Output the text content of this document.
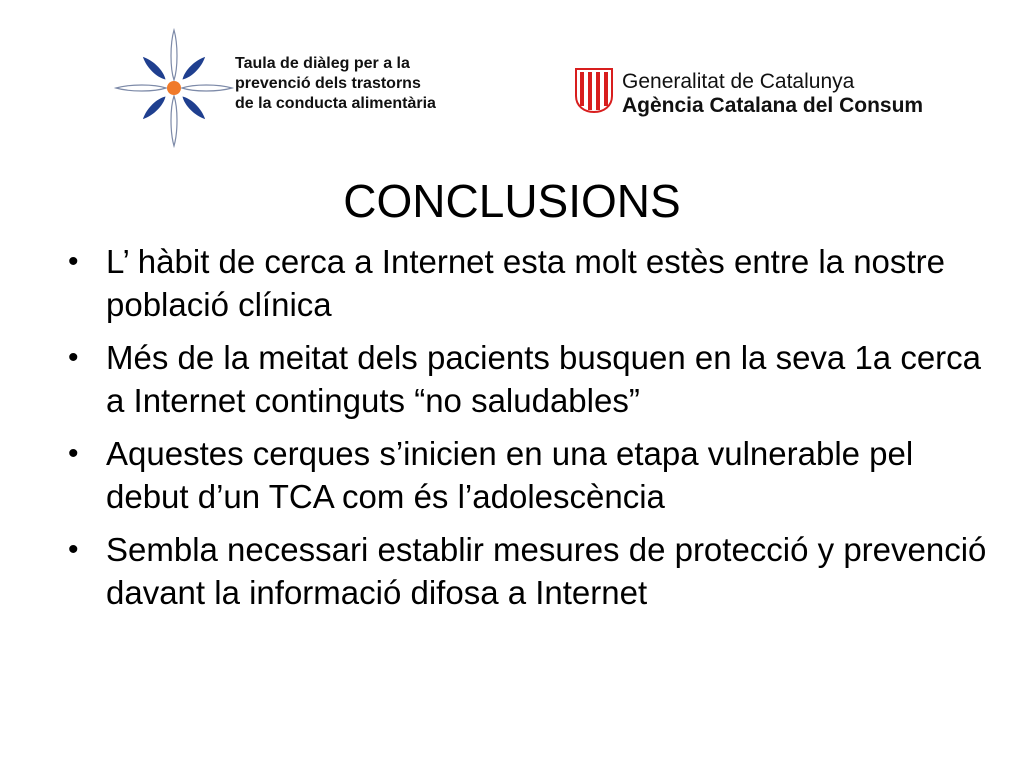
Taula de diàleg per a la
prevenció dels trastorns
de la conducta alimentària
Generalitat de Catalunya
Agència Catalana del Consum
CONCLUSIONS
• L’ hàbit de cerca a Internet esta molt estès entre la nostre població clínica
• Més de la meitat dels pacients busquen en la seva 1a cerca a Internet continguts “no saludables”
• Aquestes cerques s’inicien en una etapa vulnerable pel debut d’un TCA com és l’adolescència
• Sembla necessari establir mesures de protecció y prevenció davant la informació difosa a Internet
